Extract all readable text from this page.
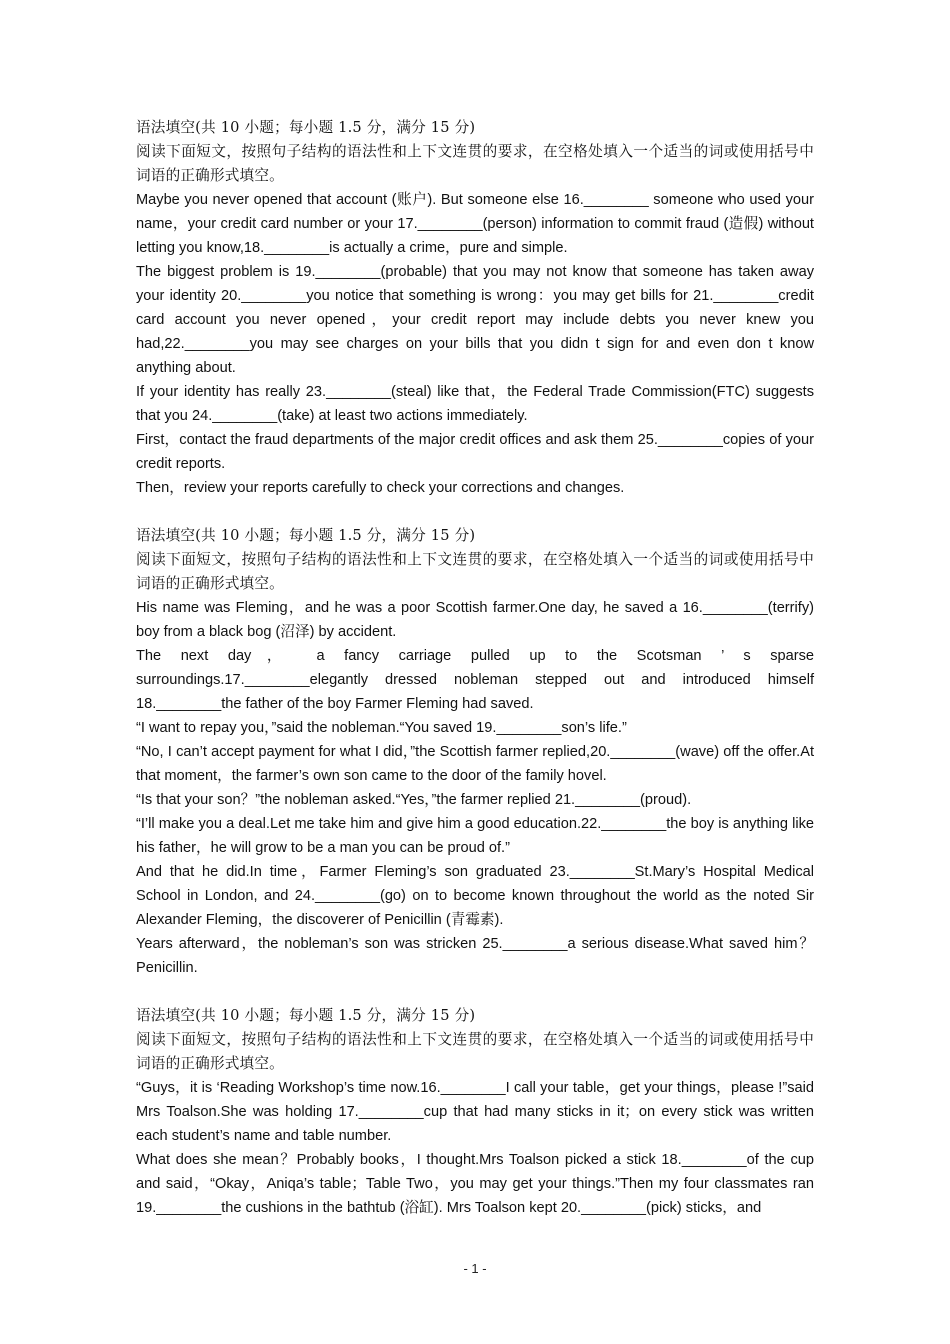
语法填空(共 10 小题；每小题 1.5 分，满分 15 分)
阅读下面短文，按照句子结构的语法性和上下文连贯的要求，在空格处填入一个适当的词或使用括号中词语的正确形式填空。
Maybe you never opened that account (账户). But someone else 16.________ someone who used your name，your credit card number or your 17.________(person) information to commit fraud (造假) without letting you know,18.________is actually a crime，pure and simple.
The biggest problem is 19.________(probable) that you may not know that someone has taken away your identity 20.________you notice that something is wrong：you may get bills for 21.________credit card account you never opened，your credit report may include debts you never knew you had,22.________you may see charges on your bills that you didn t sign for and even don t know anything about.
If your identity has really 23.________(steal) like that，the Federal Trade Commission(FTC) suggests that you 24.________(take) at least two actions immediately.
First，contact the fraud departments of the major credit offices and ask them 25.________copies of your credit reports.
Then，review your reports carefully to check your corrections and changes.
语法填空(共 10 小题；每小题 1.5 分，满分 15 分)
阅读下面短文，按照句子结构的语法性和上下文连贯的要求，在空格处填入一个适当的词或使用括号中词语的正确形式填空。
His name was Fleming，and he was a poor Scottish farmer.One day, he saved a 16.________(terrify) boy from a black bog (沼泽) by accident.
The next day， a fancy carriage pulled up to the Scotsman ’ s sparse surroundings.17.________elegantly dressed nobleman stepped out and introduced himself 18.________the father of the boy Farmer Fleming had saved.
“I want to repay you，”said the nobleman.“You saved 19.________son’s life.”
“No, I can’t accept payment for what I did，”the Scottish farmer replied,20.________(wave) off the offer.At that moment，the farmer’s own son came to the door of the family hovel.
“Is that your son？”the nobleman asked.“Yes，”the farmer replied 21.________(proud).
“I’ll make you a deal.Let me take him and give him a good education.22.________the boy is anything like his father，he will grow to be a man you can be proud of.”
And that he did.In time，Farmer Fleming’s son graduated 23.________St.Mary’s Hospital Medical School in London, and 24.________(go) on to become known throughout the world as the noted Sir Alexander Fleming，the discoverer of Penicillin (青霉素).
Years afterward，the nobleman’s son was stricken 25.________a serious disease.What saved him？Penicillin.
语法填空(共 10 小题；每小题 1.5 分，满分 15 分)
阅读下面短文，按照句子结构的语法性和上下文连贯的要求，在空格处填入一个适当的词或使用括号中词语的正确形式填空。
“Guys，it is ‘Reading Workshop’s time now.16.________I call your table，get your things，please !”said Mrs Toalson.She was holding 17.________cup that had many sticks in it；on every stick was written each student’s name and table number.
What does she mean？Probably books，I thought.Mrs Toalson picked a stick 18.________of the cup and said，“Okay，Aniqa’s table；Table Two，you may get your things.”Then my four classmates ran 19.________the cushions in the bathtub (浴缸). Mrs Toalson kept 20.________(pick) sticks，and
- 1 -
